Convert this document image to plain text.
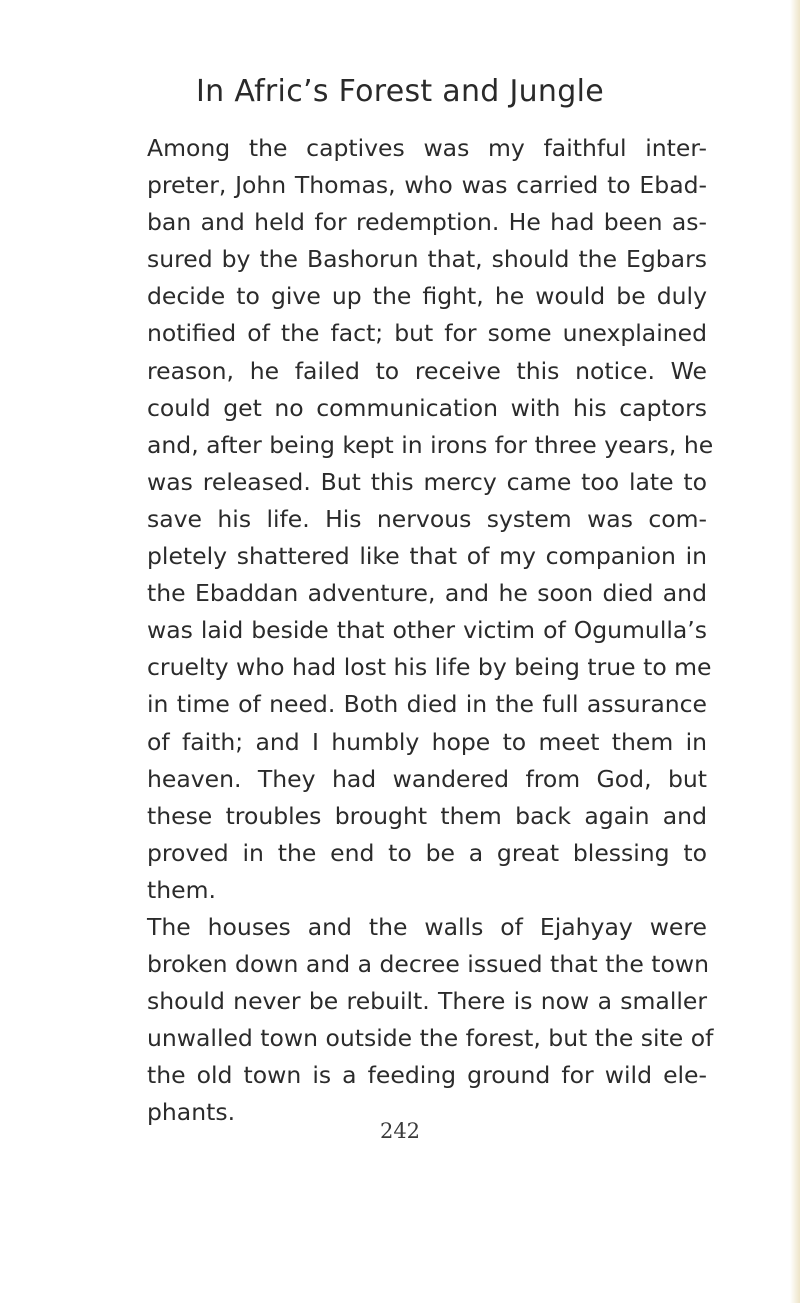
In Afric’s Forest and Jungle
Among the captives was my faithful inter-
preter, John Thomas, who was carried to Ebad-
ban and held for redemption. He had been as-
sured by the Bashorun that, should the Egbars
decide to give up the fight, he would be duly
notified of the fact; but for some unexplained
reason, he failed to receive this notice. We
could get no communication with his captors
and, after being kept in irons for three years, he
was released. But this mercy came too late to
save his life. His nervous system was com-
pletely shattered like that of my companion in
the Ebaddan adventure, and he soon died and
was laid beside that other victim of Ogumulla’s
cruelty who had lost his life by being true to me
in time of need. Both died in the full assurance
of faith; and I humbly hope to meet them in
heaven. They had wandered from God, but
these troubles brought them back again and
proved in the end to be a great blessing to
them.
The houses and the walls of Ejahyay were
broken down and a decree issued that the town
should never be rebuilt. There is now a smaller
unwalled town outside the forest, but the site of
the old town is a feeding ground for wild ele-
phants.
242
